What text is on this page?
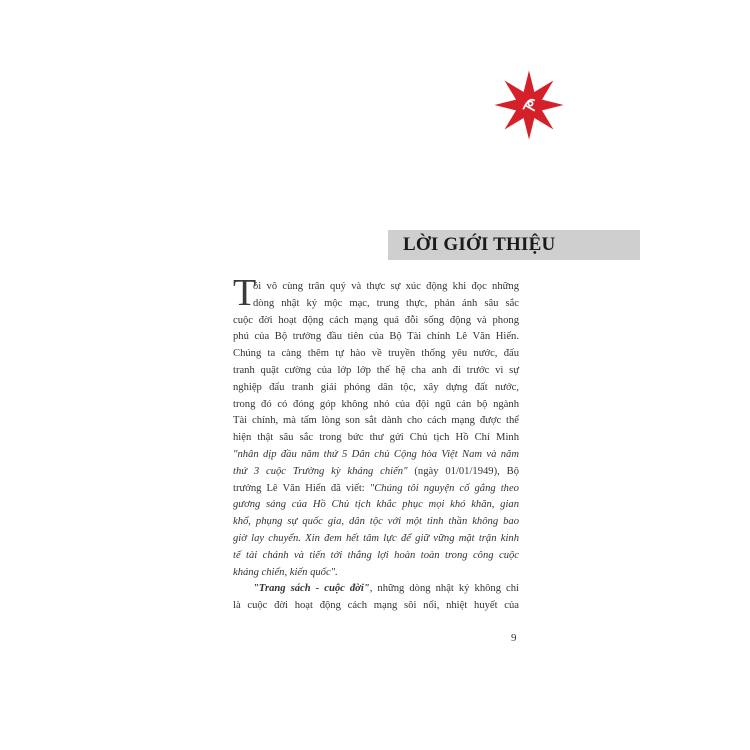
LỜI GIỚI THIỆU
T
ôi vô cùng trân quý và thực sự xúc động khi đọc những
dòng nhật ký mộc mạc, trung thực, phản ánh sâu sắc
cuộc đời hoạt động cách mạng quá đỗi sống động và phong
phú của Bộ trưởng đầu tiên của Bộ Tài chính Lê Văn Hiến.
Chúng ta càng thêm tự hào về truyền thống yêu nước, đấu
tranh quật cường của lớp lớp thế hệ cha anh đi trước vì sự
nghiệp đấu tranh giải phóng dân tộc, xây dựng đất nước,
trong đó có đóng góp không nhỏ của đội ngũ cán bộ ngành
Tài chính, mà tấm lòng son sắt dành cho cách mạng được thể
hiện thật sâu sắc trong bức thư gửi Chủ tịch Hồ Chí Minh
"nhân dịp đầu năm thứ 5 Dân chủ Cộng hòa Việt Nam và năm
thứ 3 cuộc Trường kỳ kháng chiến" (ngày 01/01/1949), Bộ
trưởng Lê Văn Hiến đã viết: "Chúng tôi nguyện cố gắng theo
gương sáng của Hồ Chủ tịch khắc phục mọi khó khăn, gian
khổ, phụng sự quốc gia, dân tộc với một tinh thần không bao
giờ lay chuyển. Xin đem hết tâm lực để giữ vững mặt trận kinh
tế tài chánh và tiến tới thắng lợi hoàn toàn trong công cuộc
kháng chiến, kiến quốc".
"Trang sách - cuộc đời", những dòng nhật ký không chỉ
là cuộc đời hoạt động cách mạng sôi nổi, nhiệt huyết của
9
